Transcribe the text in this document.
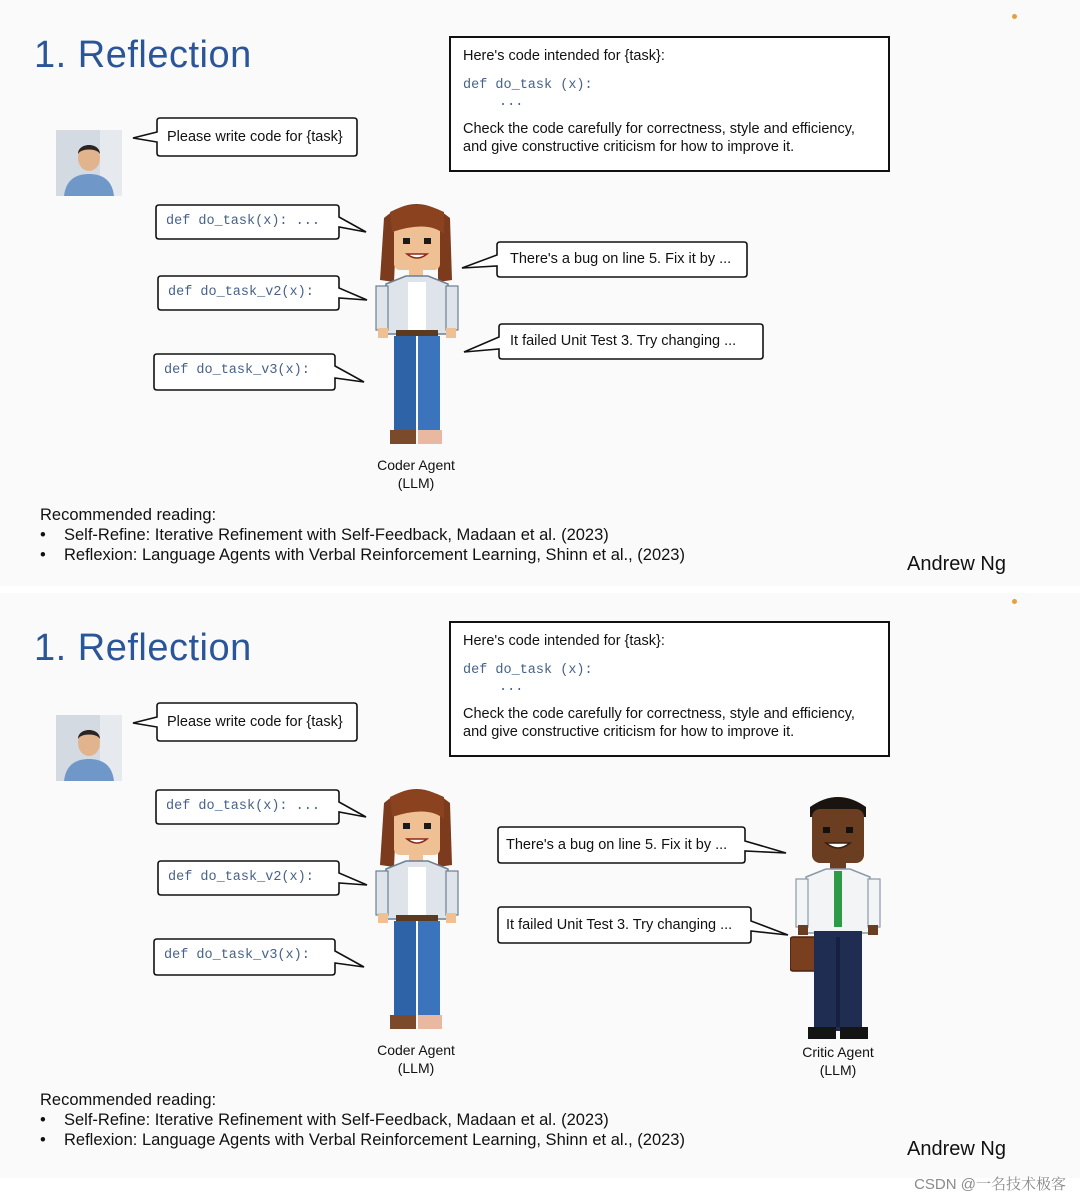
1. Reflection	Here's code intended for {task}:
def do_task (x):
...
Check the code carefully for correctness, style and efficiency, and give constructive criticism for how to improve it.
Please write code for {task}
def do_task(x): ...
def do_task_v2(x):
def do_task_v3(x):
There's a bug on line 5. Fix it by ...
It failed Unit Test 3. Try changing ...
Coder Agent
(LLM)
Recommended reading:
• Self-Refine: Iterative Refinement with Self-Feedback, Madaan et al. (2023)
• Reflexion: Language Agents with Verbal Reinforcement Learning, Shinn et al., (2023)	Andrew Ng
1. Reflection	Here's code intended for {task}:
def do_task (x):
...
Check the code carefully for correctness, style and efficiency, and give constructive criticism for how to improve it.
Please write code for {task}
def do_task(x): ...
def do_task_v2(x):
def do_task_v3(x):
There's a bug on line 5. Fix it by ...
It failed Unit Test 3. Try changing ...
Coder Agent
(LLM)
Critic Agent
(LLM)
Recommended reading:
• Self-Refine: Iterative Refinement with Self-Feedback, Madaan et al. (2023)
• Reflexion: Language Agents with Verbal Reinforcement Learning, Shinn et al., (2023)	Andrew Ng
CSDN @一名技术极客
